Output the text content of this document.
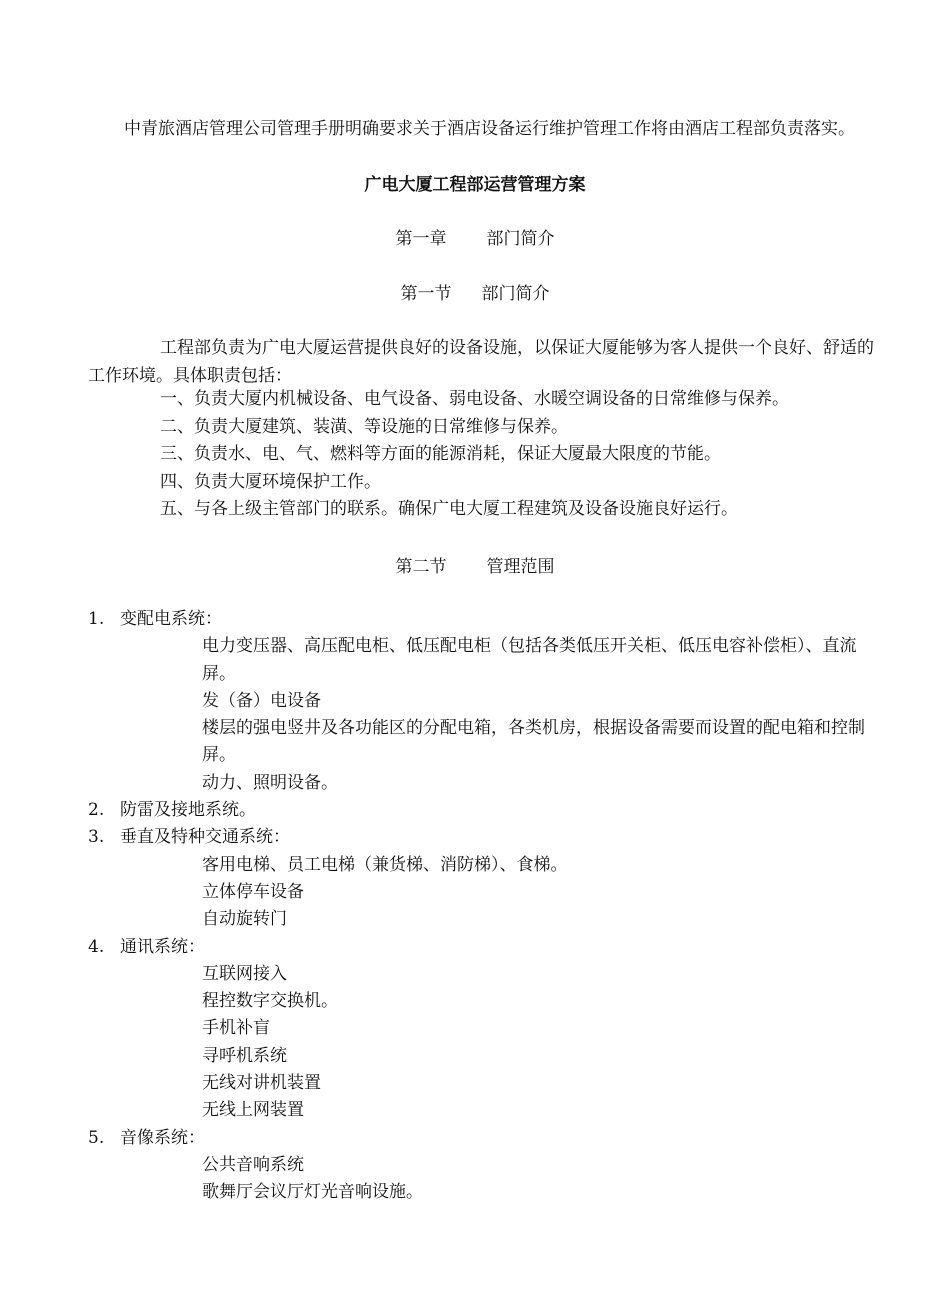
中青旅酒店管理公司管理手册明确要求关于酒店设备运行维护管理工作将由酒店工程部负责落实。
广电大厦工程部运营管理方案
第一章 部门简介
第一节 部门简介
工程部负责为广电大厦运营提供良好的设备设施，以保证大厦能够为客人提供一个良好、舒适的工作环境。具体职责包括：
一、负责大厦内机械设备、电气设备、弱电设备、水暖空调设备的日常维修与保养。
二、负责大厦建筑、装潢、等设施的日常维修与保养。
三、负责水、电、气、燃料等方面的能源消耗，保证大厦最大限度的节能。
四、负责大厦环境保护工作。
五、与各上级主管部门的联系。确保广电大厦工程建筑及设备设施良好运行。
第二节 管理范围
1. 变配电系统：
电力变压器、高压配电柜、低压配电柜（包括各类低压开关柜、低压电容补偿柜）、直流屏。
发（备）电设备
楼层的强电竖井及各功能区的分配电箱，各类机房，根据设备需要而设置的配电箱和控制屏。
动力、照明设备。
2. 防雷及接地系统。
3. 垂直及特种交通系统：
客用电梯、员工电梯（兼货梯、消防梯）、食梯。
立体停车设备
自动旋转门
4. 通讯系统：
互联网接入
程控数字交换机。
手机补盲
寻呼机系统
无线对讲机装置
无线上网装置
5. 音像系统：
公共音响系统
歌舞厅会议厅灯光音响设施。
